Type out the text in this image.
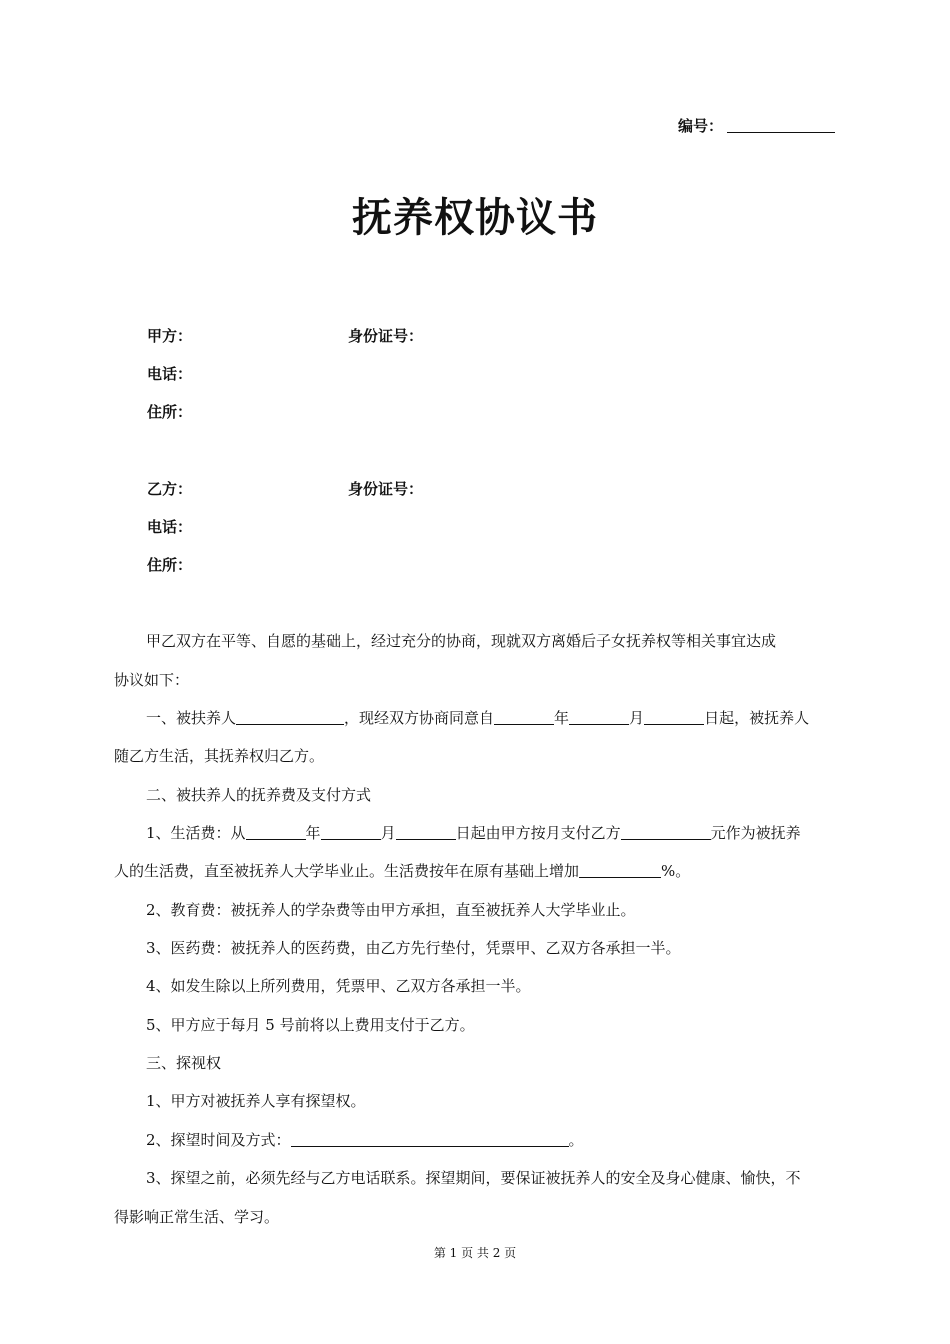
编号：
抚养权协议书
甲方：	身份证号：
电话：
住所：
乙方：	身份证号：
电话：
住所：
甲乙双方在平等、自愿的基础上，经过充分的协商，现就双方离婚后子女抚养权等相关事宜达成
协议如下：
一、被扶养人	，现经双方协商同意自	年	月	日起，被抚养人
随乙方生活，其抚养权归乙方。
二、被扶养人的抚养费及支付方式
1、生活费：从	年	月	日起由甲方按月支付乙方	元作为被抚养
人的生活费，直至被抚养人大学毕业止。生活费按年在原有基础上增加	%。
2、教育费：被抚养人的学杂费等由甲方承担，直至被抚养人大学毕业止。
3、医药费：被抚养人的医药费，由乙方先行垫付，凭票甲、乙双方各承担一半。
4、如发生除以上所列费用，凭票甲、乙双方各承担一半。
5、甲方应于每月 5 号前将以上费用支付于乙方。
三、探视权
1、甲方对被抚养人享有探望权。
2、探望时间及方式：	。
3、探望之前，必须先经与乙方电话联系。探望期间，要保证被抚养人的安全及身心健康、愉快，不
得影响正常生活、学习。
第 1 页 共 2 页
